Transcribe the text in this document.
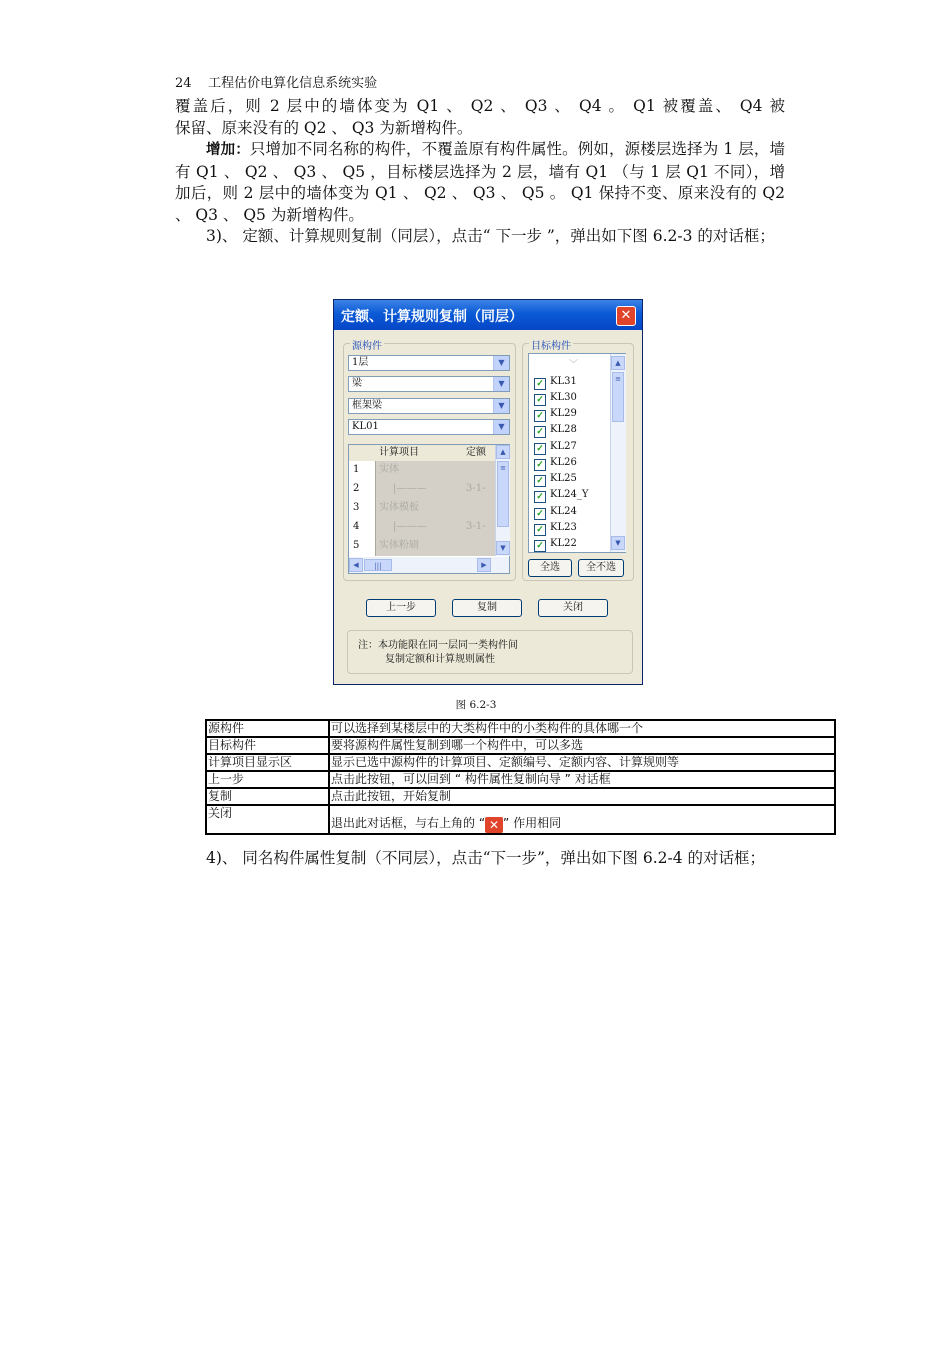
24 工程估价电算化信息系统实验

覆盖后，则 2 层中的墙体变为 Q1 、 Q2 、 Q3 、 Q4 。 Q1 被覆盖、 Q4 被

保留、原来没有的 Q2 、 Q3 为新增构件。

增加：只增加不同名称的构件，不覆盖原有构件属性。例如，源楼层选择为 1 层，墙有 Q1 、 Q2 、 Q3 、 Q5 ，目标楼层选择为 2 层，墙有 Q1 （与 1 层 Q1 不同），增加后，则 2 层中的墙体变为 Q1 、 Q2 、 Q3 、 Q5 。 Q1 保持不变、原来没有的 Q2 、 Q3 、 Q5 为新增构件。

3)、 定额、计算规则复制（同层），点击“ 下一步 ”，弹出如下图 6.2-3 的对话框；

定额、计算规则复制（同层）	✕
源构件
1层	▼
梁	▼
框架梁	▼
KL01	▼
计算项目	定额
1 实体
2	|———	3-1-
3 实体模板
4	|———	3-1-
5 实体粉刷
▲
≡
▼
◀	|||	▶
目标构件
﹀
✓ KL31
✓ KL30
✓ KL29
✓ KL28
✓ KL27
✓ KL26
✓ KL25
✓ KL24_Y
✓ KL24
✓ KL23
✓ KL22
▲
≡
▼
全选	全不选
上一步	复制	关闭
注：本功能限在同一层同一类构件间
复制定额和计算规则属性
图 6.2-3
源构件	可以选择到某楼层中的大类构件中的小类构件的具体哪一个
目标构件	要将源构件属性复制到哪一个构件中，可以多选
计算项目显示区	显示已选中源构件的计算项目、定额编号、定额内容、计算规则等
上一步	点击此按钮，可以回到 “ 构件属性复制向导 ” 对话框
复制	点击此按钮，开始复制
关闭	退出此对话框，与右上角的 “ ✕ ” 作用相同

4)、 同名构件属性复制（不同层），点击“下一步”，弹出如下图 6.2-4 的对话框；
